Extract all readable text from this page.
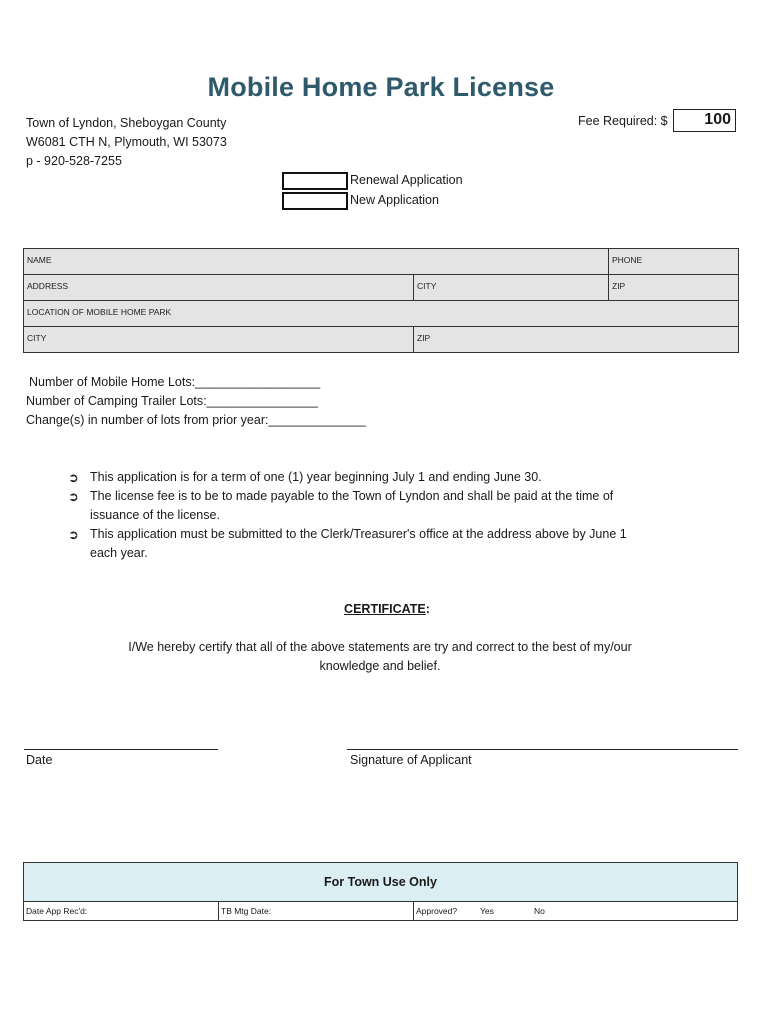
Mobile Home Park License
Town of Lyndon, Sheboygan County
W6081 CTH N, Plymouth, WI 53073
p - 920-528-7255
Fee Required: $	100
Renewal Application
New Application
NAME		PHONE
ADDRESS	CITY	ZIP
LOCATION OF MOBILE HOME PARK		
CITY	ZIP	
Number of Mobile Home Lots:__________________
Number of Camping Trailer Lots:________________
Change(s) in number of lots from prior year:______________
➲ This application is for a term of one (1) year beginning July 1 and ending June 30.
➲ The license fee is to be to made payable to the Town of Lyndon and shall be paid at the time of issuance of the license.
➲ This application must be submitted to the Clerk/Treasurer's office at the address above by June 1 each year.
CERTIFICATE:
I/We hereby certify that all of the above statements are try and correct to the best of my/our knowledge and belief.
Date	Signature of Applicant
For Town Use Only
Date App Rec'd:	TB Mtg Date:	Approved?	Yes	No
